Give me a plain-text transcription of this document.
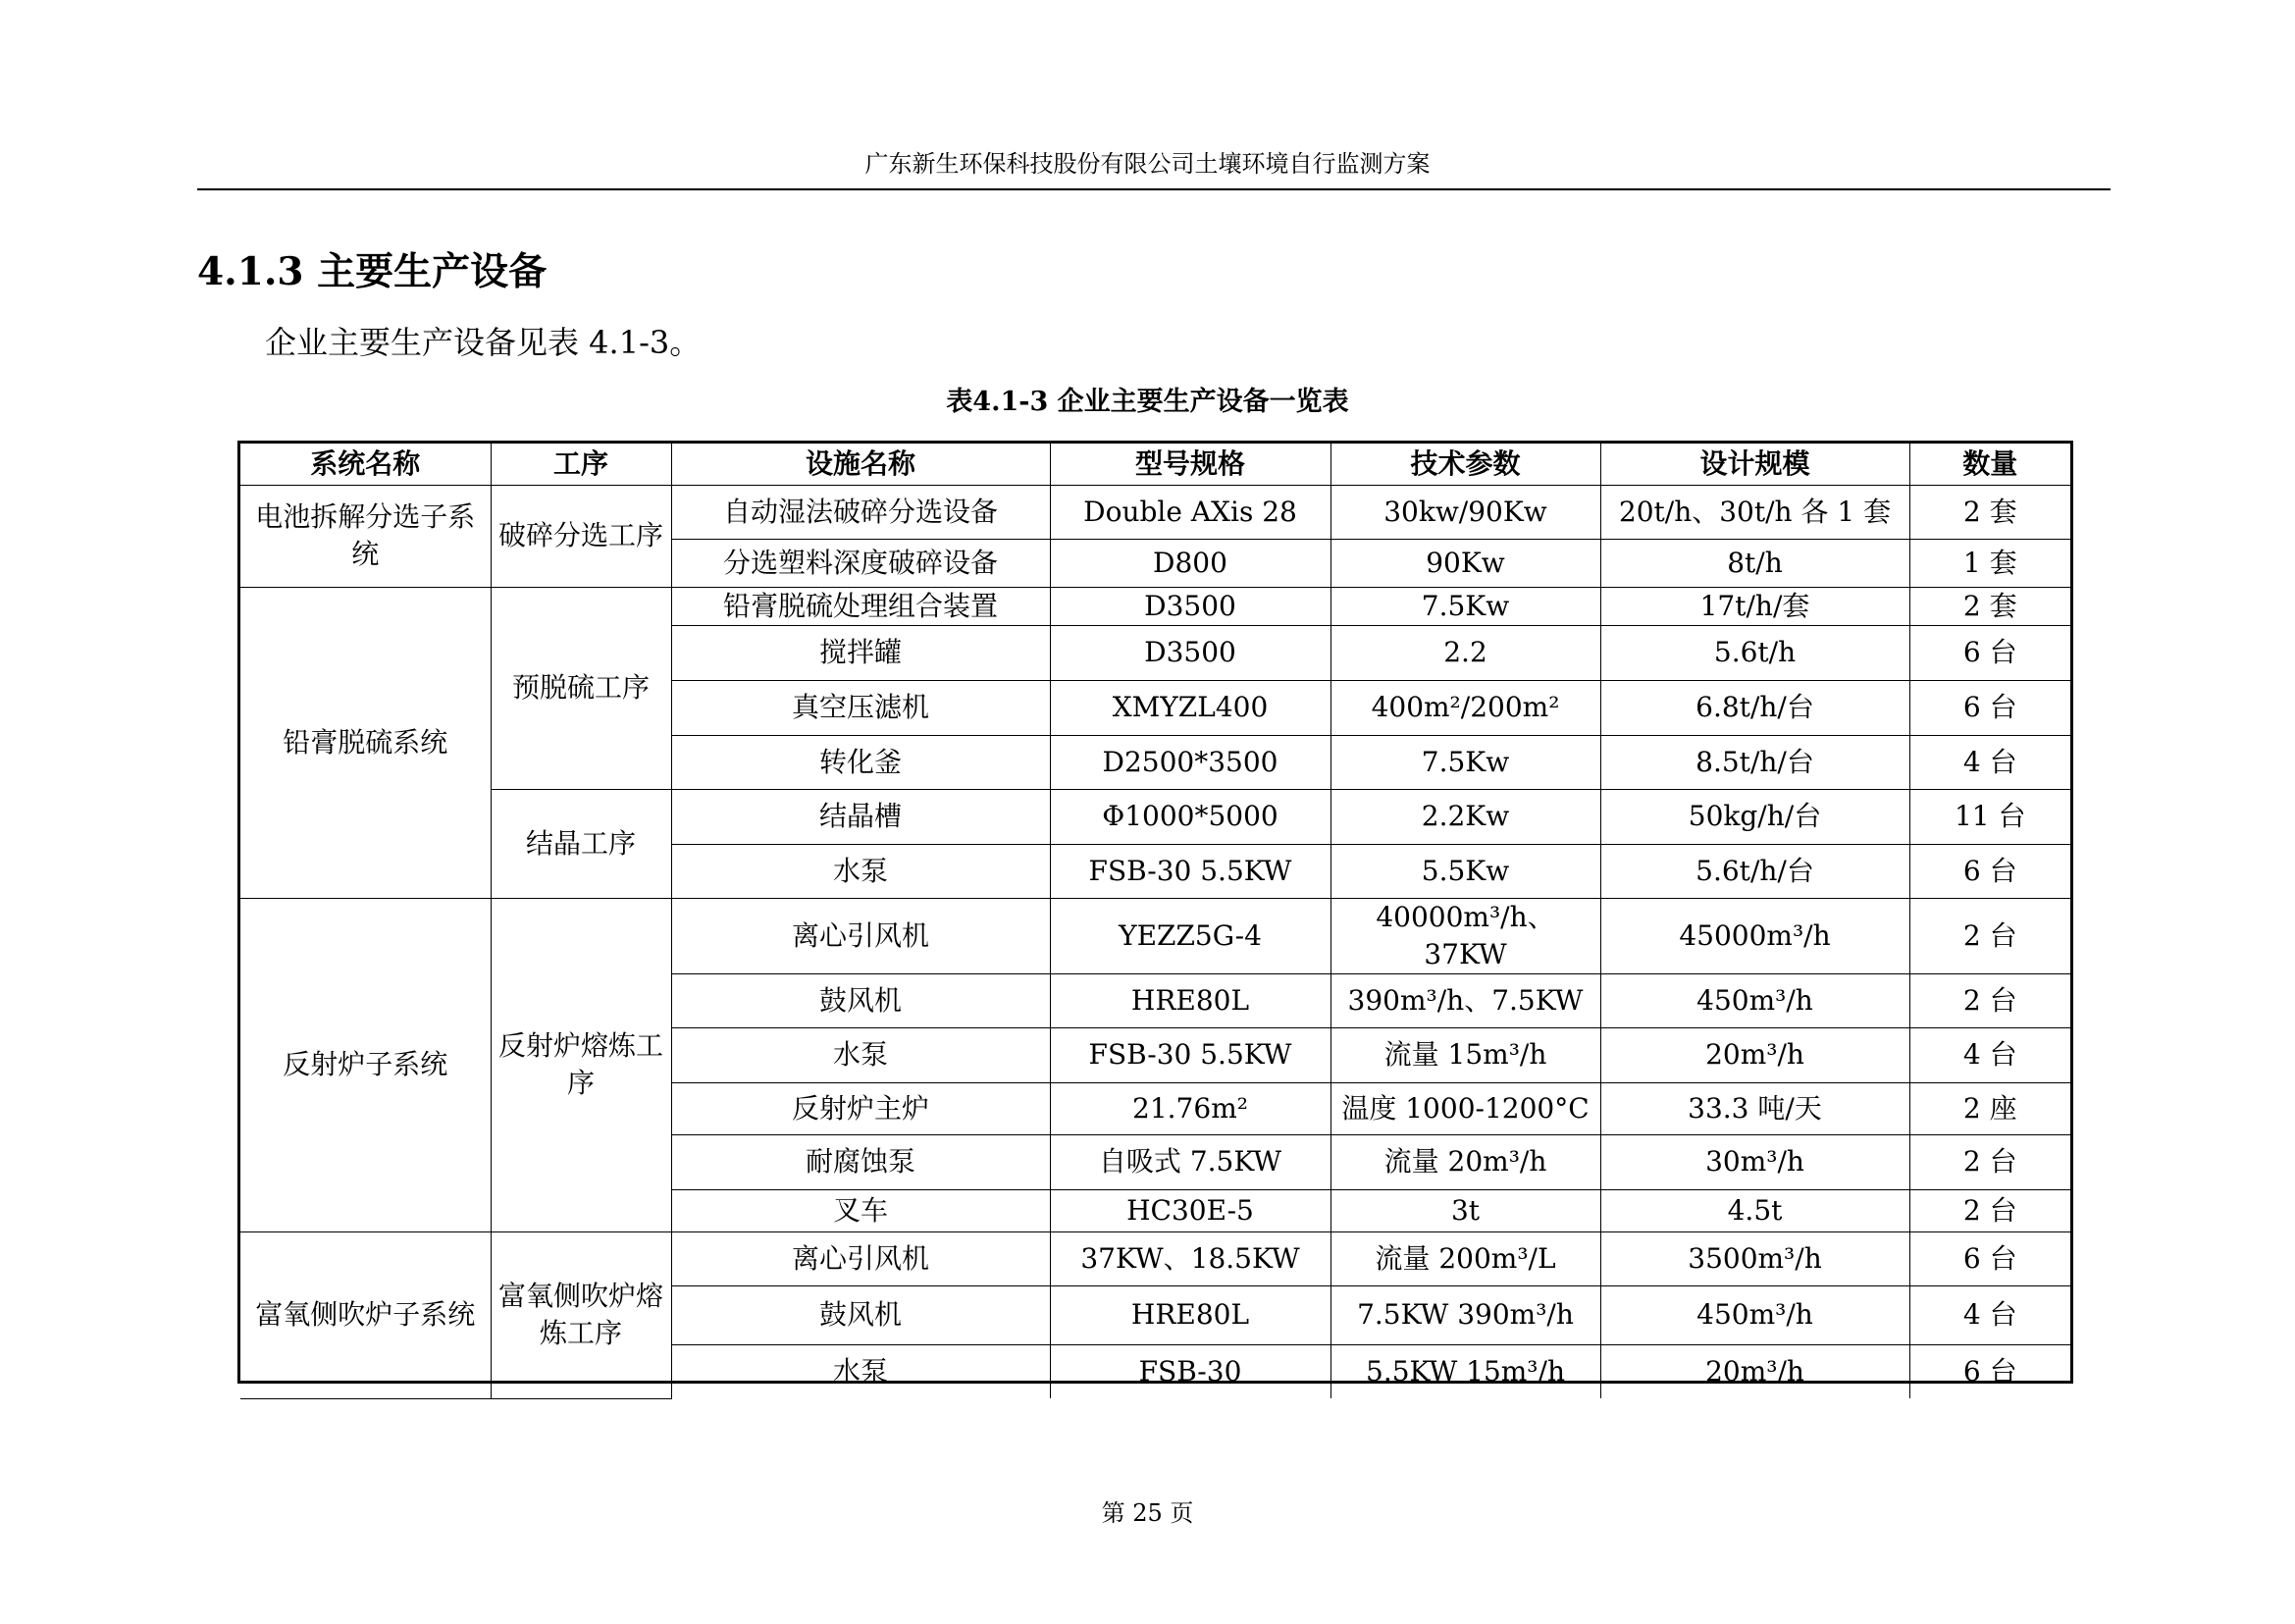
广东新生环保科技股份有限公司土壤环境自行监测方案
4.1.3 主要生产设备
企业主要生产设备见表 4.1-3。
表4.1-3 企业主要生产设备一览表
系统名称	工序	设施名称	型号规格	技术参数	设计规模	数量
电池拆解分选子系统	破碎分选工序	自动湿法破碎分选设备	Double AXis 28	30kw/90Kw	20t/h、30t/h 各 1 套	2 套
		分选塑料深度破碎设备	D800	90Kw	8t/h	1 套
铅膏脱硫系统	预脱硫工序	铅膏脱硫处理组合装置	D3500	7.5Kw	17t/h/套	2 套
		搅拌罐	D3500	2.2	5.6t/h	6 台
		真空压滤机	XMYZL400	400m²/200m²	6.8t/h/台	6 台
		转化釜	D2500*3500	7.5Kw	8.5t/h/台	4 台
	结晶工序	结晶槽	Φ1000*5000	2.2Kw	50kg/h/台	11 台
		水泵	FSB-30 5.5KW	5.5Kw	5.6t/h/台	6 台
反射炉子系统	反射炉熔炼工序	离心引风机	YEZZ5G-4	40000m³/h、37KW	45000m³/h	2 台
		鼓风机	HRE80L	390m³/h、7.5KW	450m³/h	2 台
		水泵	FSB-30 5.5KW	流量 15m³/h	20m³/h	4 台
		反射炉主炉	21.76m²	温度 1000-1200°C	33.3 吨/天	2 座
		耐腐蚀泵	自吸式 7.5KW	流量 20m³/h	30m³/h	2 台
		叉车	HC30E-5	3t	4.5t	2 台
富氧侧吹炉子系统	富氧侧吹炉熔炼工序	离心引风机	37KW、18.5KW	流量 200m³/L	3500m³/h	6 台
		鼓风机	HRE80L	7.5KW 390m³/h	450m³/h	4 台
		水泵	FSB-30	5.5KW 15m³/h	20m³/h	6 台
第 25 页
